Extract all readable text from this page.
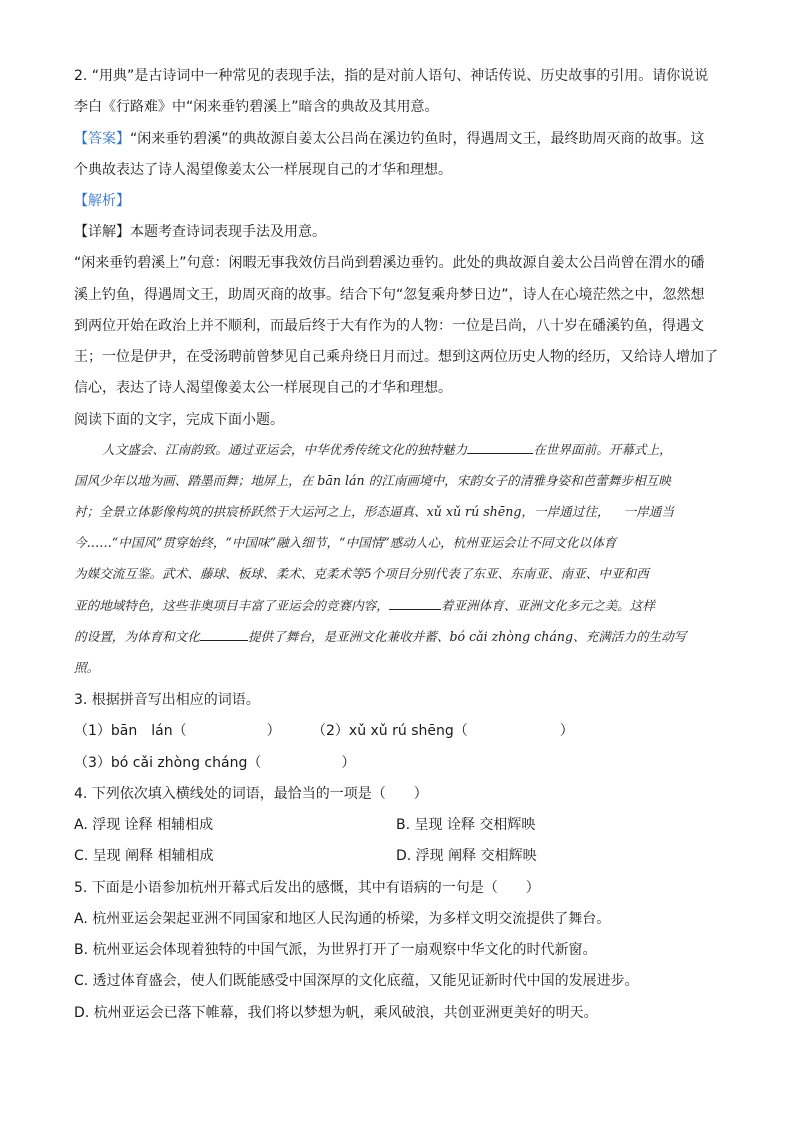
2. “用典”是古诗词中一种常见的表现手法，指的是对前人语句、神话传说、历史故事的引用。请你说说
李白《行路难》中“闲来垂钓碧溪上”暗含的典故及其用意。
【答案】“闲来垂钓碧溪”的典故源自姜太公吕尚在溪边钓鱼时，得遇周文王，最终助周灭商的故事。这
个典故表达了诗人渴望像姜太公一样展现自己的才华和理想。
【解析】
【详解】本题考查诗词表现手法及用意。
“闲来垂钓碧溪上”句意：闲暇无事我效仿吕尚到碧溪边垂钓。此处的典故源自姜太公吕尚曾在渭水的磻
溪上钓鱼，得遇周文王，助周灭商的故事。结合下句“忽复乘舟梦日边”，诗人在心境茫然之中，忽然想
到两位开始在政治上并不顺利，而最后终于大有作为的人物：一位是吕尚，八十岁在磻溪钓鱼，得遇文
王；一位是伊尹，在受汤聘前曾梦见自己乘舟绕日月而过。想到这两位历史人物的经历，又给诗人增加了
信心，表达了诗人渴望像姜太公一样展现自己的才华和理想。
阅读下面的文字，完成下面小题。
人文盛会、江南韵致。通过亚运会，中华优秀传统文化的独特魅力	在世界面前。开幕式上，
国风少年以地为画、踏墨而舞；地屏上，在 bān lán 的江南画境中，宋韵女子的清雅身姿和芭蕾舞步相互映
衬；全景立体影像构筑的拱宸桥跃然于大运河之上，形态逼真、xǔ xǔ rú shēng，一岸通过往， 一岸通当
今……“中国风”贯穿始终，“中国味”融入细节，“中国情”感动人心，杭州亚运会让不同文化以体育
为媒交流互鉴。武术、藤球、板球、柔术、克柔术等5个项目分别代表了东亚、东南亚、南亚、中亚和西
亚的地域特色，这些非奥项目丰富了亚运会的竞赛内容，	着亚洲体育、亚洲文化多元之美。这样
的设置，为体育和文化	提供了舞台，是亚洲文化兼收并蓄、bó cǎi zhòng cháng、充满活力的生动写
照。
3. 根据拼音写出相应的词语。
（1）bān　lán（	） （2）xǔ xǔ rú shēng（	）
（3）bó cǎi zhòng cháng（	）
4. 下列依次填入横线处的词语，最恰当的一项是（　　）
A. 浮现 诠释 相辅相成	B. 呈现 诠释 交相辉映
C. 呈现 阐释 相辅相成	D. 浮现 阐释 交相辉映
5. 下面是小语参加杭州开幕式后发出的感慨，其中有语病的一句是（　　）
A. 杭州亚运会架起亚洲不同国家和地区人民沟通的桥梁，为多样文明交流提供了舞台。
B. 杭州亚运会体现着独特的中国气派，为世界打开了一扇观察中华文化的时代新窗。
C. 透过体育盛会，使人们既能感受中国深厚的文化底蕴，又能见证新时代中国的发展进步。
D. 杭州亚运会已落下帷幕，我们将以梦想为帆，乘风破浪，共创亚洲更美好的明天。
